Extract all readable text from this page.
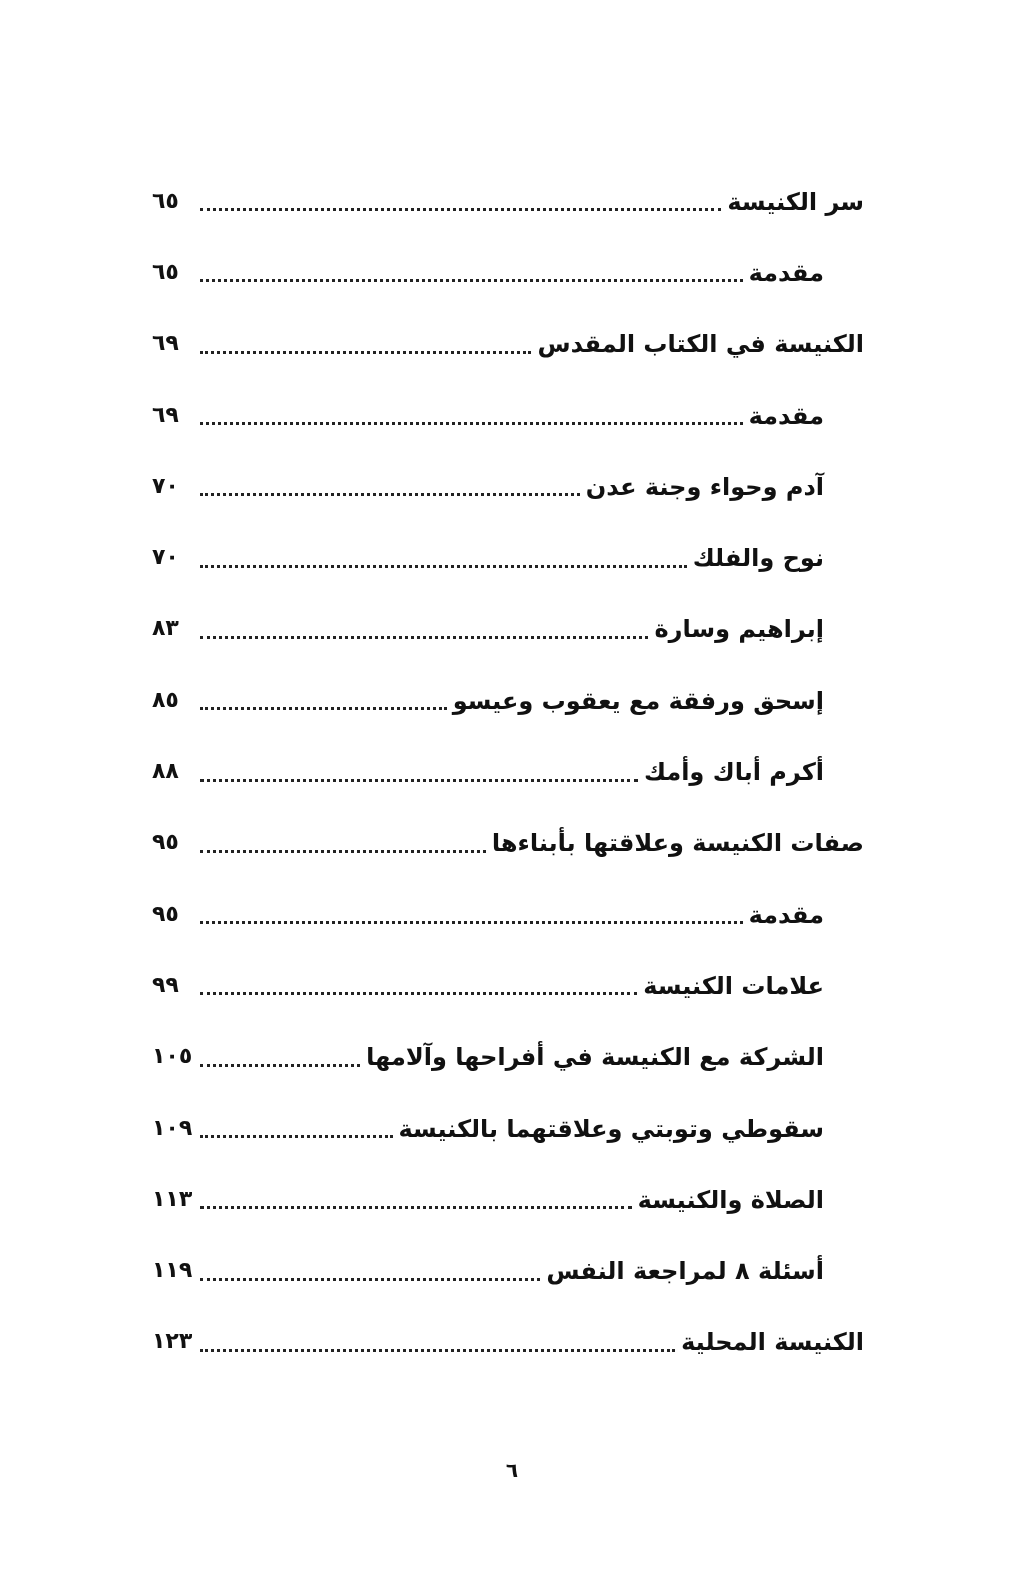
سر الكنيسة
٦٥
مقدمة
٦٥
الكنيسة في الكتاب المقدس
٦٩
مقدمة
٦٩
آدم وحواء وجنة عدن
٧٠
نوح والفلك
٧٠
إبراهيم وسارة
٨٣
إسحق ورفقة مع يعقوب وعيسو
٨٥
أكرم أباك وأمك
٨٨
صفات الكنيسة وعلاقتها بأبناءها
٩٥
مقدمة
٩٥
علامات الكنيسة
٩٩
الشركة مع الكنيسة في أفراحها وآلامها
١٠٥
سقوطي وتوبتي وعلاقتهما بالكنيسة
١٠٩
الصلاة والكنيسة
١١٣
أسئلة ٨ لمراجعة النفس
١١٩
الكنيسة المحلية
١٢٣
٦
